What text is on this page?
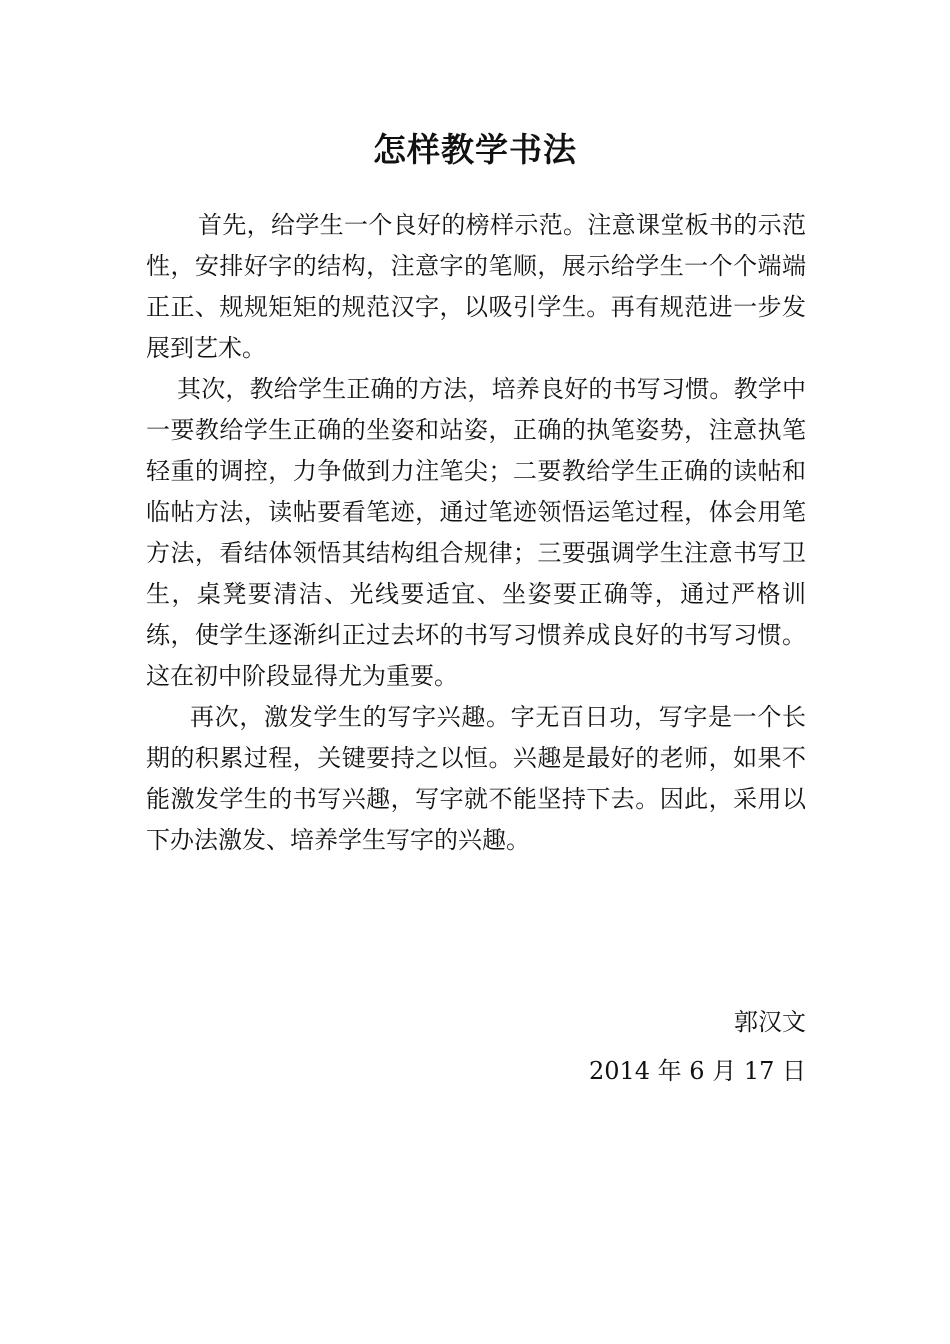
怎样教学书法

首先，给学生一个良好的榜样示范。注意课堂板书的示范性，安排好字的结构，注意字的笔顺，展示给学生一个个端端正正、规规矩矩的规范汉字，以吸引学生。再有规范进一步发展到艺术。

其次，教给学生正确的方法，培养良好的书写习惯。教学中一要教给学生正确的坐姿和站姿，正确的执笔姿势，注意执笔轻重的调控，力争做到力注笔尖；二要教给学生正确的读帖和临帖方法，读帖要看笔迹，通过笔迹领悟运笔过程，体会用笔方法，看结体领悟其结构组合规律；三要强调学生注意书写卫生，桌凳要清洁、光线要适宜、坐姿要正确等，通过严格训练，使学生逐渐纠正过去坏的书写习惯养成良好的书写习惯。这在初中阶段显得尤为重要。

再次，激发学生的写字兴趣。字无百日功，写字是一个长期的积累过程，关键要持之以恒。兴趣是最好的老师，如果不能激发学生的书写兴趣，写字就不能坚持下去。因此，采用以下办法激发、培养学生写字的兴趣。

郭汉文
2014 年 6 月 17 日
